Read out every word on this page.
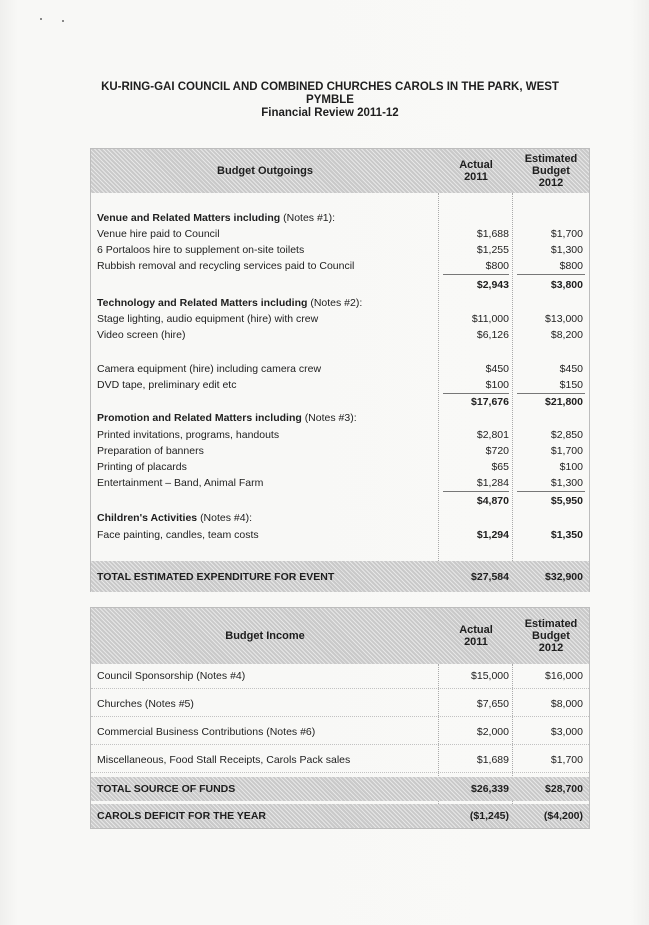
KU-RING-GAI COUNCIL AND COMBINED CHURCHES CAROLS IN THE PARK, WEST
PYMBLE
Financial Review 2011-12
Budget Outgoings	Actual
2011
Estimated
Budget
2012
Venue and Related Matters including (Notes #1):
Venue hire paid to Council	$1,688	$1,700
6 Portaloos hire to supplement on-site toilets	$1,255	$1,300
Rubbish removal and recycling services paid to Council	$800	$800
$2,943	$3,800
Technology and Related Matters including (Notes #2):
Stage lighting, audio equipment (hire) with crew	$11,000	$13,000
Video screen (hire)	$6,126	$8,200
Camera equipment (hire) including camera crew	$450	$450
DVD tape, preliminary edit etc	$100	$150
$17,676	$21,800
Promotion and Related Matters including (Notes #3):
Printed invitations, programs, handouts	$2,801	$2,850
Preparation of banners	$720	$1,700
Printing of placards	$65	$100
Entertainment – Band, Animal Farm	$1,284	$1,300
$4,870	$5,950
Children's Activities (Notes #4):
Face painting, candles, team costs	$1,294	$1,350
TOTAL ESTIMATED EXPENDITURE FOR EVENT	$27,584	$32,900
Budget Income	Actual
2011
Estimated
Budget
2012
Council Sponsorship (Notes #4)	$15,000	$16,000
Churches (Notes #5)	$7,650	$8,000
Commercial Business Contributions (Notes #6)	$2,000	$3,000
Miscellaneous, Food Stall Receipts, Carols Pack sales	$1,689	$1,700
TOTAL SOURCE OF FUNDS	$26,339	$28,700
CAROLS DEFICIT FOR THE YEAR	($1,245)	($4,200)
